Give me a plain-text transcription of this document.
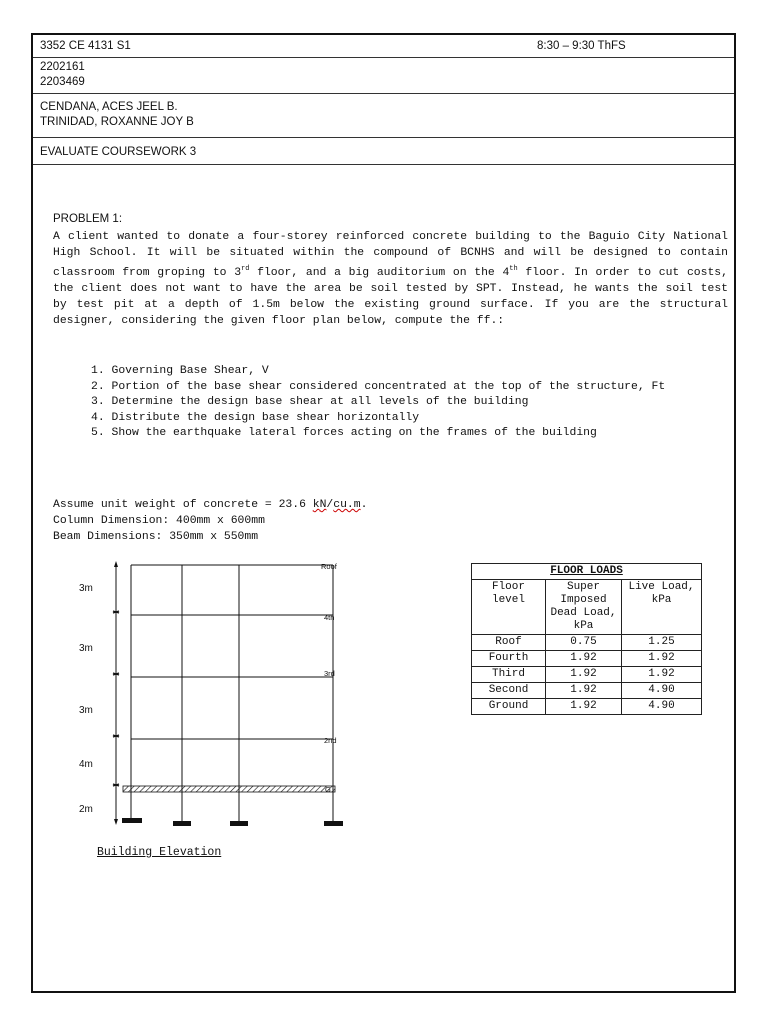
3352 CE 4131 S1	8:30 – 9:30 ThFS
2202161
2203469
CENDANA, ACES JEEL B.
TRINIDAD, ROXANNE JOY B
EVALUATE COURSEWORK 3
PROBLEM 1:
A client wanted to donate a four-storey reinforced concrete building to the Baguio City National High School. It will be situated within the compound of BCNHS and will be designed to contain classroom from groping to 3rd floor, and a big auditorium on the 4th floor. In order to cut costs, the client does not want to have the area be soil tested by SPT. Instead, he wants the soil test by test pit at a depth of 1.5m below the existing ground surface. If you are the structural designer, considering the given floor plan below, compute the ff.:
1. Governing Base Shear, V
2. Portion of the base shear considered concentrated at the top of the structure, Ft
3. Determine the design base shear at all levels of the building
4. Distribute the design base shear horizontally
5. Show the earthquake lateral forces acting on the frames of the building
Assume unit weight of concrete = 23.6 kN/cu.m.
Column Dimension: 400mm x 600mm
Beam Dimensions: 350mm x 550mm
3m
3m
3m
4m
2m
Roof
4th
3rd
2nd
G
Building Elevation
FLOOR LOADS		
Floor level	Super Imposed Dead Load, kPa	Live Load, kPa
Roof	0.75	1.25
Fourth	1.92	1.92
Third	1.92	1.92
Second	1.92	4.90
Ground	1.92	4.90
